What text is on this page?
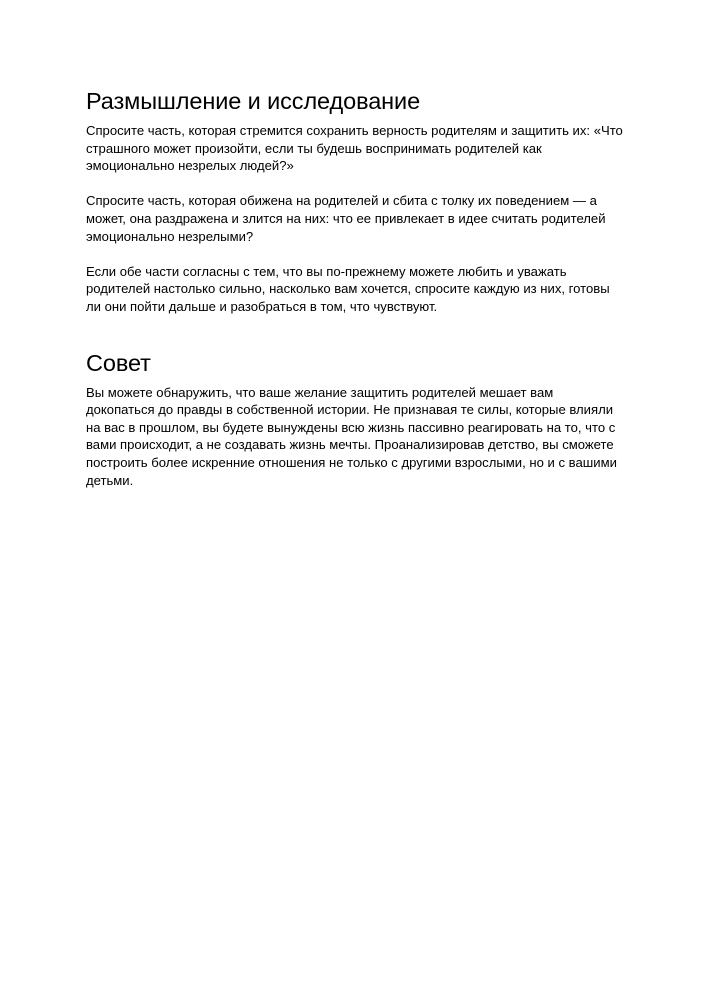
Размышление и исследование

Спросите часть, которая стремится сохранить верность родителям и защитить их: «Что
страшного может произойти, если ты будешь воспринимать родителей как
эмоционально незрелых людей?»

Спросите часть, которая обижена на родителей и сбита с толку их поведением — а
может, она раздражена и злится на них: что ее привлекает в идее считать родителей
эмоционально незрелыми?

Если обе части согласны с тем, что вы по-прежнему можете любить и уважать
родителей настолько сильно, насколько вам хочется, спросите каждую из них, готовы
ли они пойти дальше и разобраться в том, что чувствуют.

Совет

Вы можете обнаружить, что ваше желание защитить родителей мешает вам
докопаться до правды в собственной истории. Не признавая те силы, которые влияли
на вас в прошлом, вы будете вынуждены всю жизнь пассивно реагировать на то, что с
вами происходит, а не создавать жизнь мечты. Проанализировав детство, вы сможете
построить более искренние отношения не только с другими взрослыми, но и с вашими
детьми.
